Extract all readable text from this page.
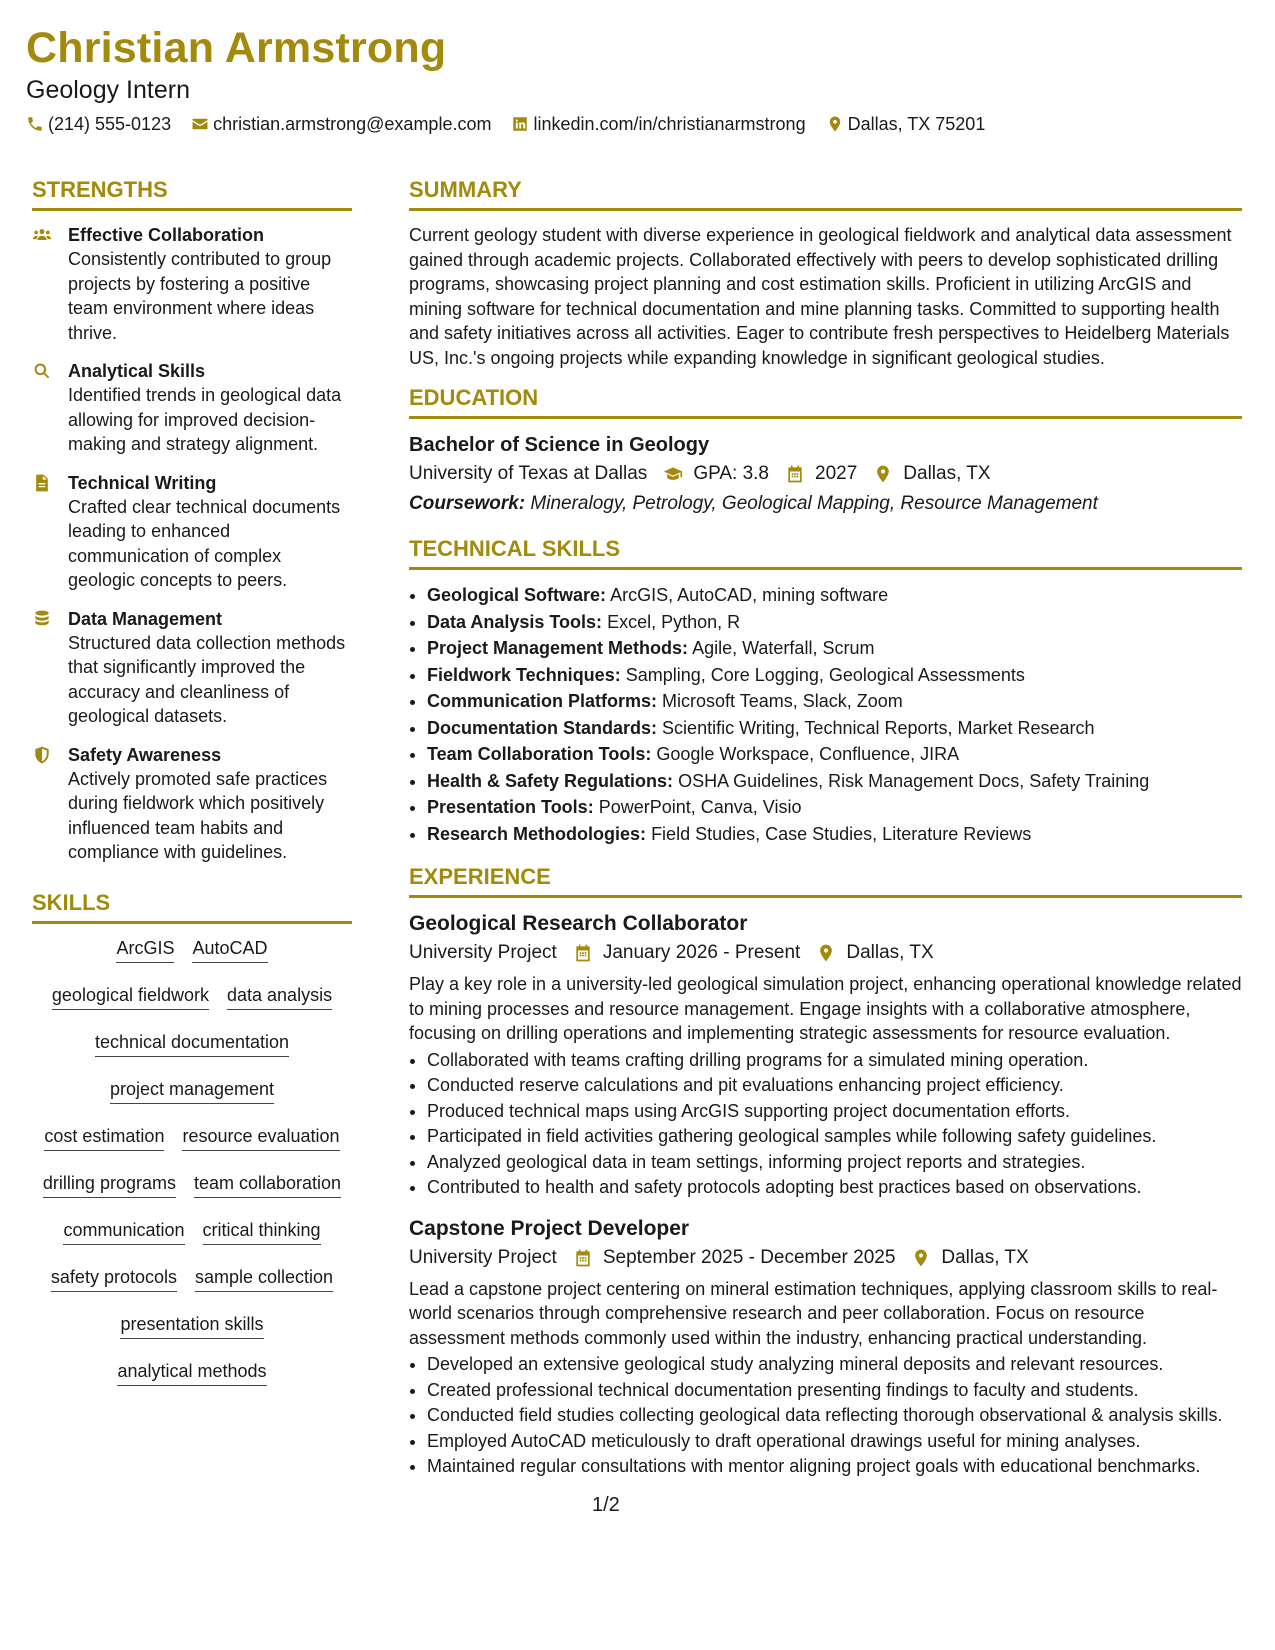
Christian Armstrong
Geology Intern
(214) 555-0123 christian.armstrong@example.com linkedin.com/in/christianarmstrong Dallas, TX 75201
STRENGTHS
Effective Collaboration

Consistently contributed to group projects by fostering a positive team environment where ideas thrive.

Analytical Skills

Identified trends in geological data allowing for improved decision-making and strategy alignment.

Technical Writing

Crafted clear technical documents leading to enhanced communication of complex geologic concepts to peers.

Data Management

Structured data collection methods that significantly improved the accuracy and cleanliness of geological datasets.

Safety Awareness

Actively promoted safe practices during fieldwork which positively influenced team habits and compliance with guidelines.

SKILLS
ArcGIS AutoCAD
geological fieldwork data analysis
technical documentation
project management
cost estimation resource evaluation
drilling programs team collaboration
communication critical thinking
safety protocols sample collection
presentation skills
analytical methods
SUMMARY

Current geology student with diverse experience in geological fieldwork and analytical data assessment gained through academic projects. Collaborated effectively with peers to develop sophisticated drilling programs, showcasing project planning and cost estimation skills. Proficient in utilizing ArcGIS and mining software for technical documentation and mine planning tasks. Committed to supporting health and safety initiatives across all activities. Eager to contribute fresh perspectives to Heidelberg Materials US, Inc.'s ongoing projects while expanding knowledge in significant geological studies.

EDUCATION
Bachelor of Science in Geology
University of Texas at Dallas GPA: 3.8 2027 Dallas, TX

Coursework: Mineralogy, Petrology, Geological Mapping, Resource Management

TECHNICAL SKILLS
• Geological Software: ArcGIS, AutoCAD, mining software
• Data Analysis Tools: Excel, Python, R
• Project Management Methods: Agile, Waterfall, Scrum
• Fieldwork Techniques: Sampling, Core Logging, Geological Assessments
• Communication Platforms: Microsoft Teams, Slack, Zoom
• Documentation Standards: Scientific Writing, Technical Reports, Market Research
• Team Collaboration Tools: Google Workspace, Confluence, JIRA
• Health & Safety Regulations: OSHA Guidelines, Risk Management Docs, Safety Training
• Presentation Tools: PowerPoint, Canva, Visio
• Research Methodologies: Field Studies, Case Studies, Literature Reviews
EXPERIENCE
Geological Research Collaborator
University Project January 2026 - Present Dallas, TX

Play a key role in a university-led geological simulation project, enhancing operational knowledge related to mining processes and resource management. Engage insights with a collaborative atmosphere, focusing on drilling operations and implementing strategic assessments for resource evaluation.

• Collaborated with teams crafting drilling programs for a simulated mining operation.
• Conducted reserve calculations and pit evaluations enhancing project efficiency.
• Produced technical maps using ArcGIS supporting project documentation efforts.
• Participated in field activities gathering geological samples while following safety guidelines.
• Analyzed geological data in team settings, informing project reports and strategies.
• Contributed to health and safety protocols adopting best practices based on observations.
Capstone Project Developer
University Project September 2025 - December 2025 Dallas, TX

Lead a capstone project centering on mineral estimation techniques, applying classroom skills to real-world scenarios through comprehensive research and peer collaboration. Focus on resource assessment methods commonly used within the industry, enhancing practical understanding.

• Developed an extensive geological study analyzing mineral deposits and relevant resources.
• Created professional technical documentation presenting findings to faculty and students.
• Conducted field studies collecting geological data reflecting thorough observational & analysis skills.
• Employed AutoCAD meticulously to draft operational drawings useful for mining analyses.
• Maintained regular consultations with mentor aligning project goals with educational benchmarks.
1/2
